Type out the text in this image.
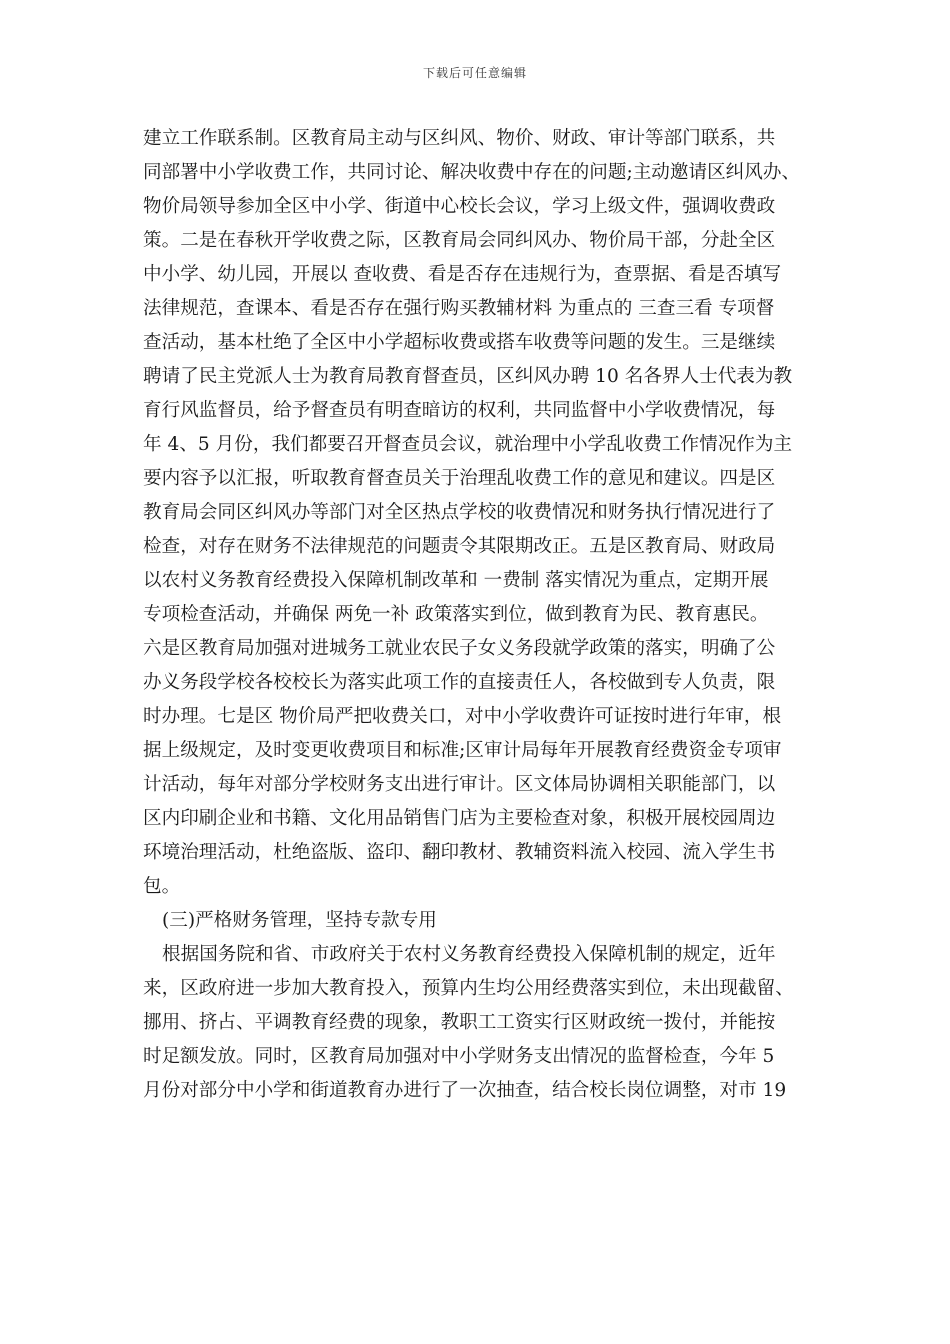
下载后可任意编辑
建立工作联系制。区教育局主动与区纠风、物价、财政、审计等部门联系，共
同部署中小学收费工作，共同讨论、解决收费中存在的问题;主动邀请区纠风办、
物价局领导参加全区中小学、街道中心校长会议，学习上级文件，强调收费政
策。二是在春秋开学收费之际，区教育局会同纠风办、物价局干部，分赴全区
中小学、幼儿园，开展以 查收费、看是否存在违规行为，查票据、看是否填写
法律规范，查课本、看是否存在强行购买教辅材料 为重点的 三查三看 专项督
查活动，基本杜绝了全区中小学超标收费或搭车收费等问题的发生。三是继续
聘请了民主党派人士为教育局教育督查员，区纠风办聘 10 名各界人士代表为教
育行风监督员，给予督查员有明查暗访的权利，共同监督中小学收费情况，每
年 4、5 月份，我们都要召开督查员会议，就治理中小学乱收费工作情况作为主
要内容予以汇报，听取教育督查员关于治理乱收费工作的意见和建议。四是区
教育局会同区纠风办等部门对全区热点学校的收费情况和财务执行情况进行了
检查，对存在财务不法律规范的问题责令其限期改正。五是区教育局、财政局
以农村义务教育经费投入保障机制改革和 一费制 落实情况为重点，定期开展
专项检查活动，并确保 两免一补 政策落实到位，做到教育为民、教育惠民。
六是区教育局加强对进城务工就业农民子女义务段就学政策的落实，明确了公
办义务段学校各校校长为落实此项工作的直接责任人，各校做到专人负责，限
时办理。七是区 物价局严把收费关口，对中小学收费许可证按时进行年审，根
据上级规定，及时变更收费项目和标准;区审计局每年开展教育经费资金专项审
计活动，每年对部分学校财务支出进行审计。区文体局协调相关职能部门，以
区内印刷企业和书籍、文化用品销售门店为主要检查对象，积极开展校园周边
环境治理活动，杜绝盗版、盗印、翻印教材、教辅资料流入校园、流入学生书
包。
(三)严格财务管理，坚持专款专用
根据国务院和省、市政府关于农村义务教育经费投入保障机制的规定，近年
来，区政府进一步加大教育投入，预算内生均公用经费落实到位，未出现截留、
挪用、挤占、平调教育经费的现象，教职工工资实行区财政统一拨付，并能按
时足额发放。同时，区教育局加强对中小学财务支出情况的监督检查，今年 5
月份对部分中小学和街道教育办进行了一次抽查，结合校长岗位调整，对市 19
